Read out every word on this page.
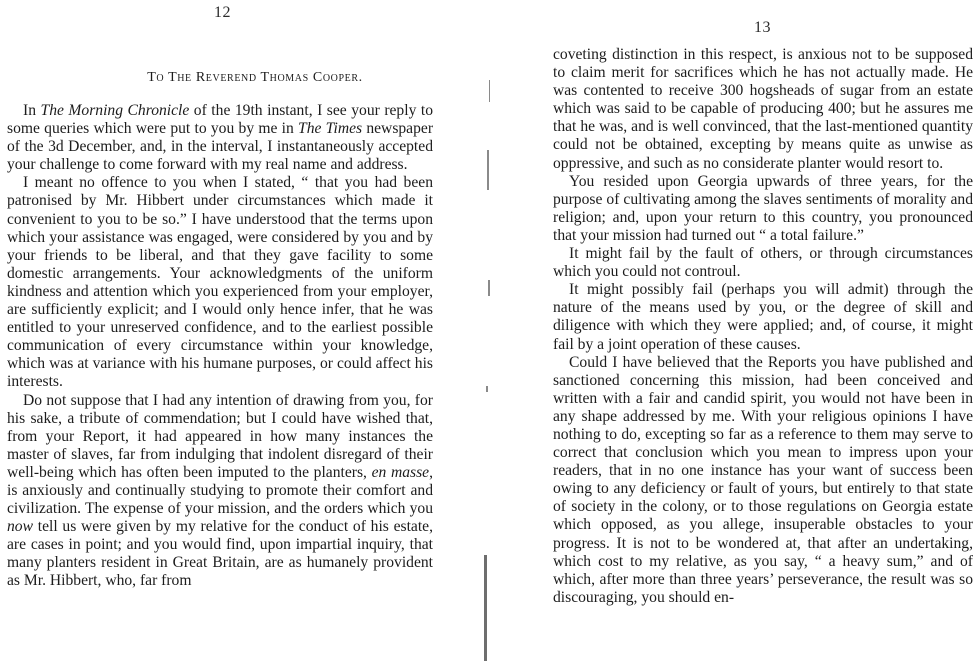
12
To The Reverend Thomas Cooper.

In The Morning Chronicle of the 19th instant, I see your reply to some queries which were put to you by me in The Times newspaper of the 3d December, and, in the interval, I instantaneously accepted your challenge to come forward with my real name and address.

I meant no offence to you when I stated, “ that you had been patronised by Mr. Hibbert under circumstances which made it convenient to you to be so.” I have understood that the terms upon which your assistance was engaged, were considered by you and by your friends to be liberal, and that they gave facility to some domestic arrangements. Your acknowledgments of the uniform kindness and attention which you experienced from your employer, are sufficiently explicit; and I would only hence infer, that he was entitled to your unreserved confidence, and to the earliest possible communication of every circumstance within your knowledge, which was at variance with his humane purposes, or could affect his interests.

Do not suppose that I had any intention of drawing from you, for his sake, a tribute of commendation; but I could have wished that, from your Report, it had appeared in how many instances the master of slaves, far from indulging that indolent disregard of their well-being which has often been imputed to the planters, en masse, is anxiously and continually studying to promote their comfort and civilization. The expense of your mission, and the orders which you now tell us were given by my relative for the conduct of his estate, are cases in point; and you would find, upon impartial inquiry, that many planters resident in Great Britain, are as humanely provident as Mr. Hibbert, who, far from

13

coveting distinction in this respect, is anxious not to be supposed to claim merit for sacrifices which he has not actually made. He was contented to receive 300 hogsheads of sugar from an estate which was said to be capable of producing 400; but he assures me that he was, and is well convinced, that the last-mentioned quantity could not be obtained, excepting by means quite as unwise as oppressive, and such as no considerate planter would resort to.

You resided upon Georgia upwards of three years, for the purpose of cultivating among the slaves sentiments of morality and religion; and, upon your return to this country, you pronounced that your mission had turned out “ a total failure.”

It might fail by the fault of others, or through circumstances which you could not controul.

It might possibly fail (perhaps you will admit) through the nature of the means used by you, or the degree of skill and diligence with which they were applied; and, of course, it might fail by a joint operation of these causes.

Could I have believed that the Reports you have published and sanctioned concerning this mission, had been conceived and written with a fair and candid spirit, you would not have been in any shape addressed by me. With your religious opinions I have nothing to do, excepting so far as a reference to them may serve to correct that conclusion which you mean to impress upon your readers, that in no one instance has your want of success been owing to any deficiency or fault of yours, but entirely to that state of society in the colony, or to those regulations on Georgia estate which opposed, as you allege, insuperable obstacles to your progress. It is not to be wondered at, that after an undertaking, which cost to my relative, as you say, “ a heavy sum,” and of which, after more than three years’ perseverance, the result was so discouraging, you should en-
